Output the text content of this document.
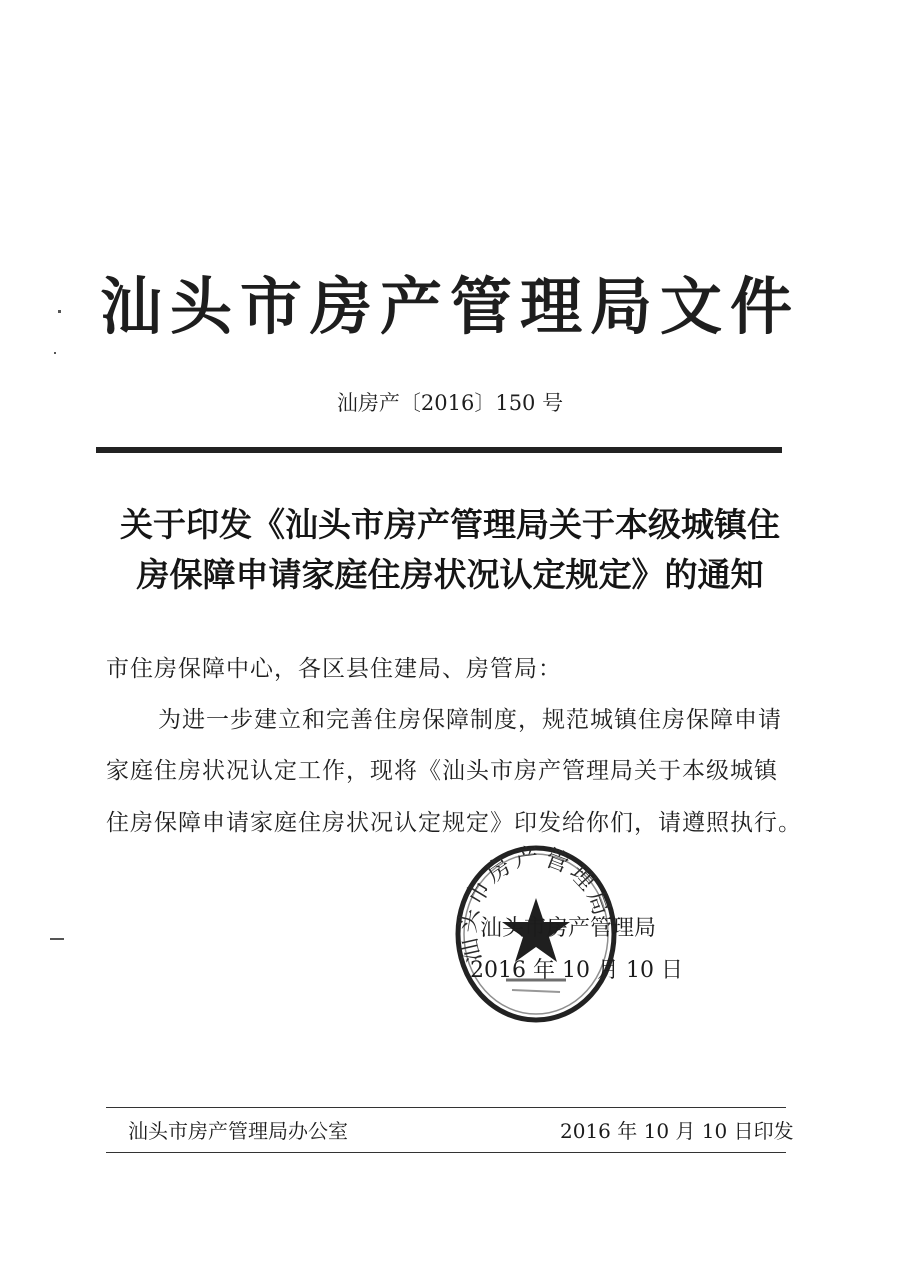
汕头市房产管理局文件
汕房产〔2016〕150 号
关于印发《汕头市房产管理局关于本级城镇住
房保障申请家庭住房状况认定规定》的通知
市住房保障中心，各区县住建局、房管局：
为进一步建立和完善住房保障制度，规范城镇住房保障申请
家庭住房状况认定工作，现将《汕头市房产管理局关于本级城镇
住房保障申请家庭住房状况认定规定》印发给你们，请遵照执行。
汕头市房产管理局
汕头市房产管理局
2016 年 10 月 10 日
汕头市房产管理局办公室	2016 年 10 月 10 日印发
